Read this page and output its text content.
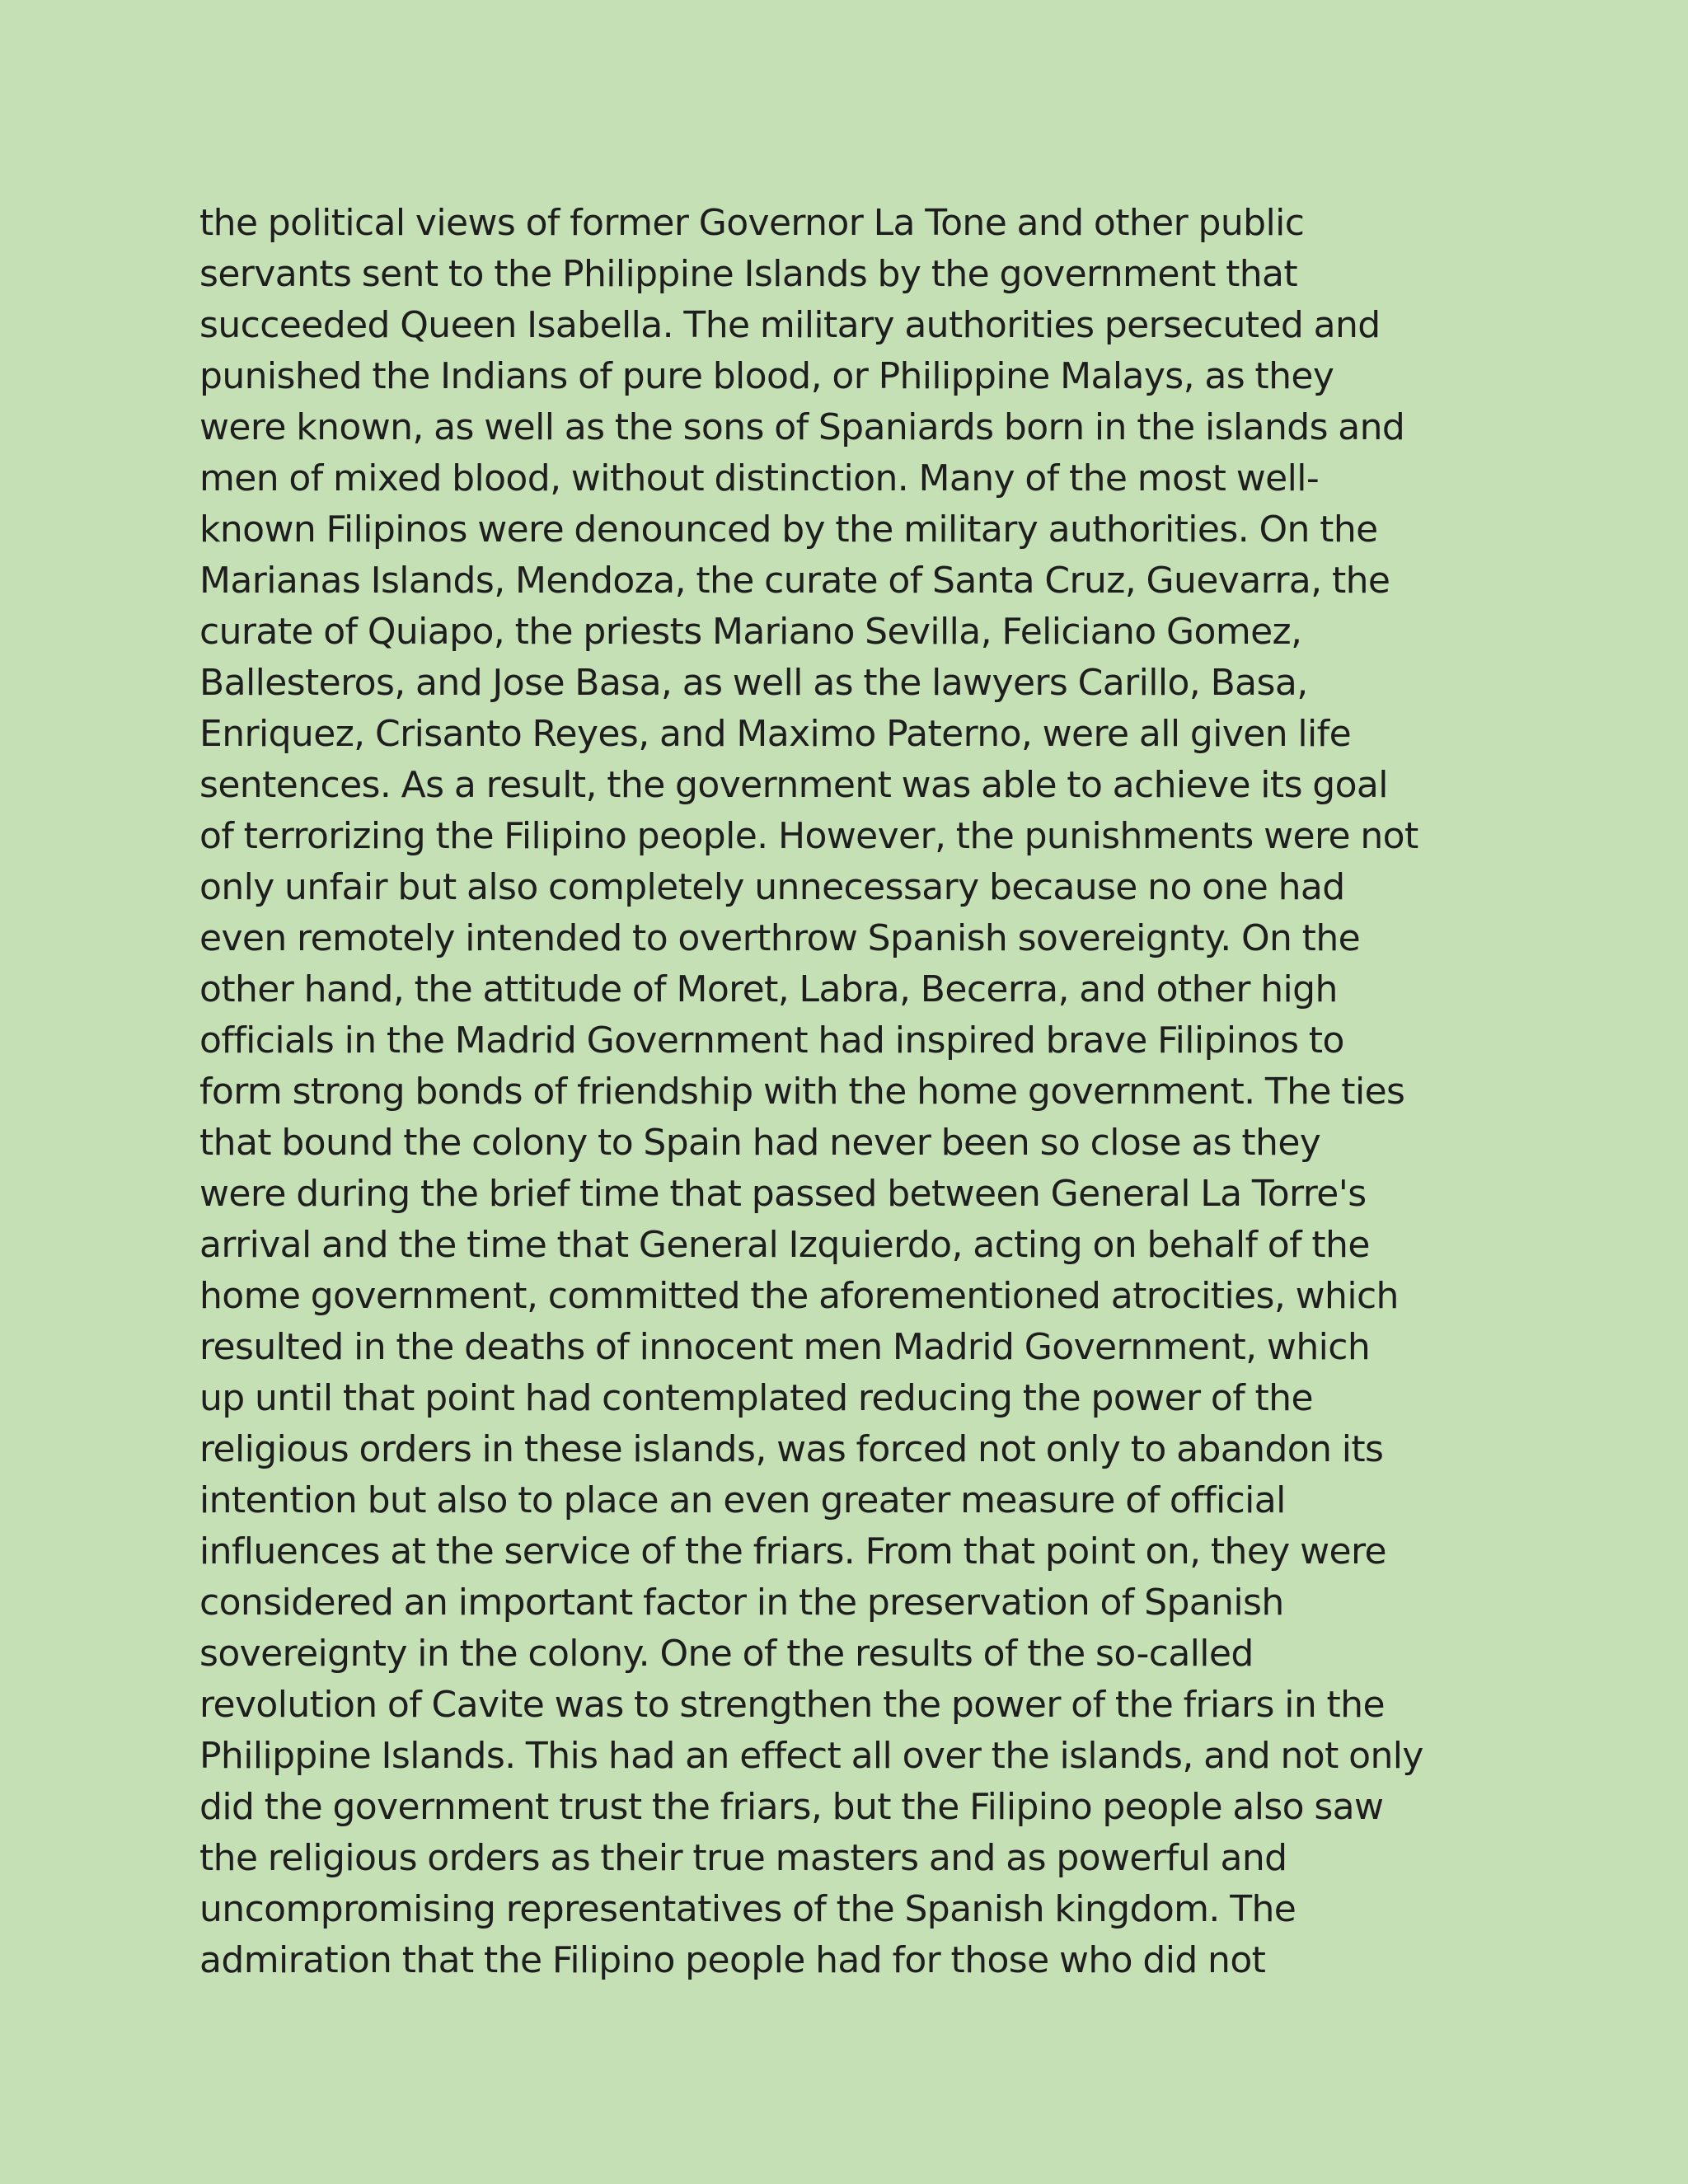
the political views of former Governor La Tone and other public
servants sent to the Philippine Islands by the government that
succeeded Queen Isabella. The military authorities persecuted and
punished the Indians of pure blood, or Philippine Malays, as they
were known, as well as the sons of Spaniards born in the islands and
men of mixed blood, without distinction. Many of the most well-
known Filipinos were denounced by the military authorities. On the
Marianas Islands, Mendoza, the curate of Santa Cruz, Guevarra, the
curate of Quiapo, the priests Mariano Sevilla, Feliciano Gomez,
Ballesteros, and Jose Basa, as well as the lawyers Carillo, Basa,
Enriquez, Crisanto Reyes, and Maximo Paterno, were all given life
sentences. As a result, the government was able to achieve its goal
of terrorizing the Filipino people. However, the punishments were not
only unfair but also completely unnecessary because no one had
even remotely intended to overthrow Spanish sovereignty. On the
other hand, the attitude of Moret, Labra, Becerra, and other high
officials in the Madrid Government had inspired brave Filipinos to
form strong bonds of friendship with the home government. The ties
that bound the colony to Spain had never been so close as they
were during the brief time that passed between General La Torre's
arrival and the time that General Izquierdo, acting on behalf of the
home government, committed the aforementioned atrocities, which
resulted in the deaths of innocent men Madrid Government, which
up until that point had contemplated reducing the power of the
religious orders in these islands, was forced not only to abandon its
intention but also to place an even greater measure of official
influences at the service of the friars. From that point on, they were
considered an important factor in the preservation of Spanish
sovereignty in the colony. One of the results of the so-called
revolution of Cavite was to strengthen the power of the friars in the
Philippine Islands. This had an effect all over the islands, and not only
did the government trust the friars, but the Filipino people also saw
the religious orders as their true masters and as powerful and
uncompromising representatives of the Spanish kingdom. The
admiration that the Filipino people had for those who did not
